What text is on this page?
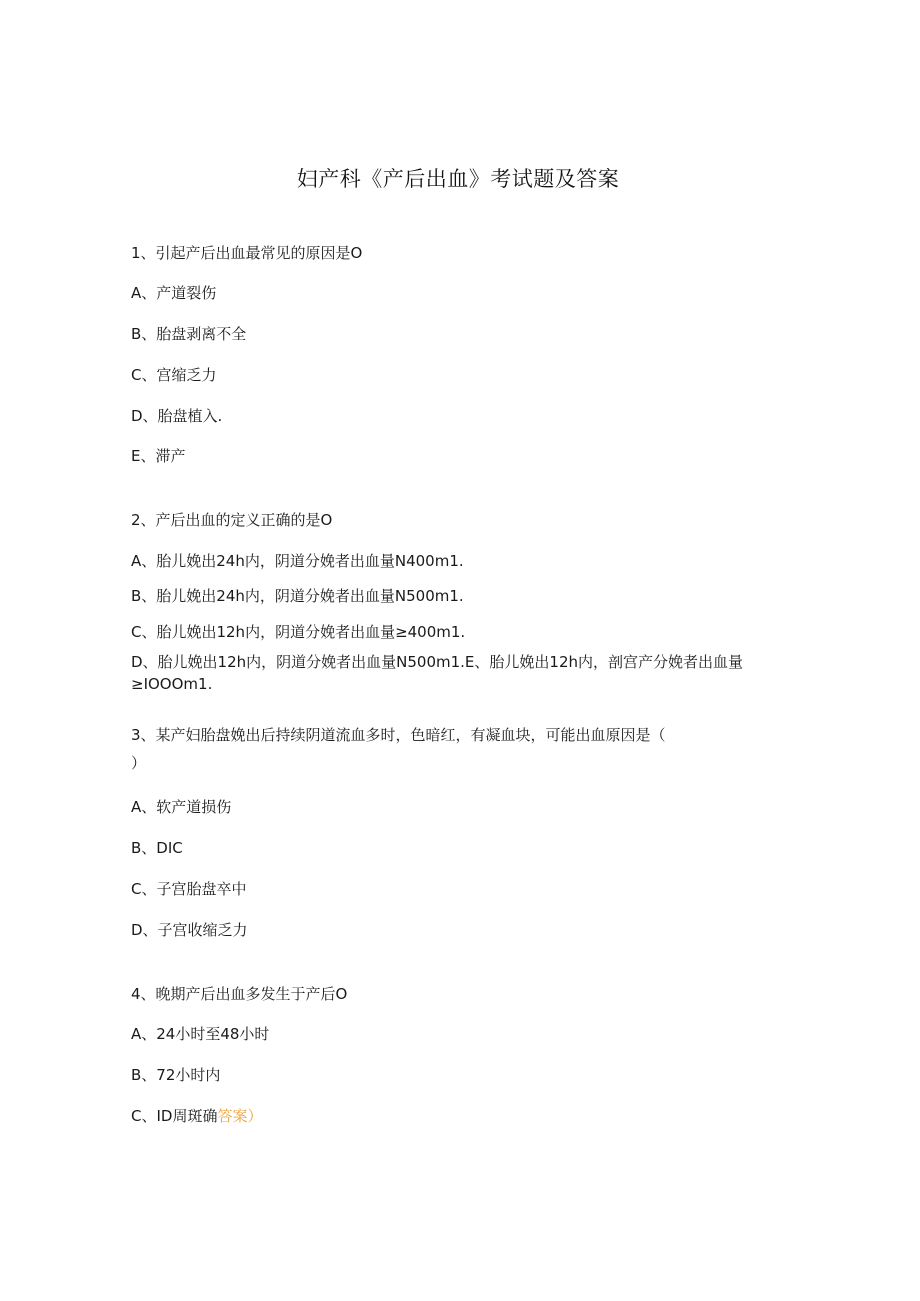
妇产科《产后出血》考试题及答案
1、引起产后出血最常见的原因是O
A、产道裂伤
B、胎盘剥离不全
C、宫缩乏力
D、胎盘植入.
E、滞产
2、产后出血的定义正确的是O
A、胎儿娩出24h内，阴道分娩者出血量N400m1.
B、胎儿娩出24h内，阴道分娩者出血量N500m1.
C、胎儿娩出12h内，阴道分娩者出血量≥400m1.
D、胎儿娩出12h内，阴道分娩者出血量N500m1.E、胎儿娩出12h内，剖宫产分娩者出血量≥IOOOm1.
3、某产妇胎盘娩出后持续阴道流血多时，色暗红，有凝血块，可能出血原因是（
）
A、软产道损伤
B、DIC
C、子宫胎盘卒中
D、子宫收缩乏力
4、晚期产后出血多发生于产后O
A、24小时至48小时
B、72小时内
C、ID周斑确答案）
